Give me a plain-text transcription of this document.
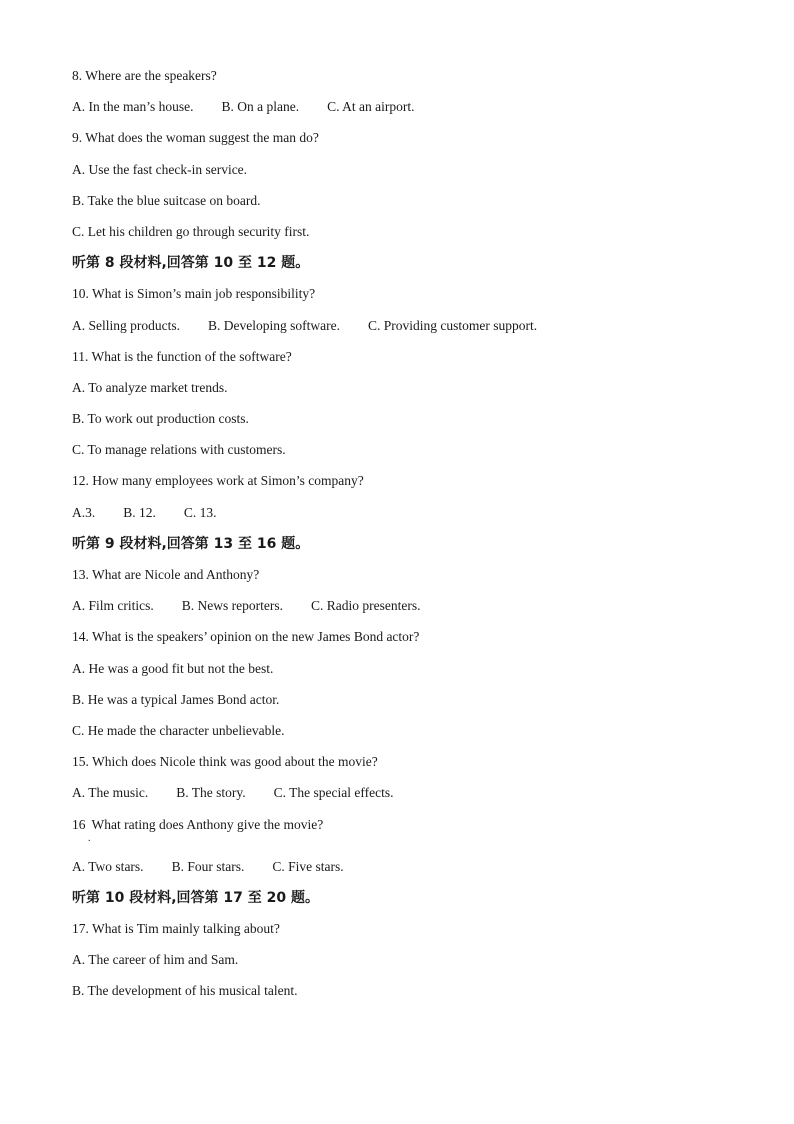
8. Where are the speakers?
A. In the man’s house. B. On a plane. C. At an airport.
9. What does the woman suggest the man do?
A. Use the fast check-in service.
B. Take the blue suitcase on board.
C. Let his children go through security first.
听第 8 段材料,回答第 10 至 12 题。
10. What is Simon’s main job responsibility?
A. Selling products. B. Developing software. C. Providing customer support.
11. What is the function of the software?
A. To analyze market trends.
B. To work out production costs.
C. To manage relations with customers.
12. How many employees work at Simon’s company?
A.3. B. 12. C. 13.
听第 9 段材料,回答第 13 至 16 题。
13. What are Nicole and Anthony?
A. Film critics. B. News reporters. C. Radio presenters.
14. What is the speakers’ opinion on the new James Bond actor?
A. He was a good fit but not the best.
B. He was a typical James Bond actor.
C. He made the character unbelievable.
15. Which does Nicole think was good about the movie?
A. The music. B. The story. C. The special effects.
16
.
What rating does Anthony give the movie?
A. Two stars. B. Four stars. C. Five stars.
听第 10 段材料,回答第 17 至 20 题。
17. What is Tim mainly talking about?
A. The career of him and Sam.
B. The development of his musical talent.
